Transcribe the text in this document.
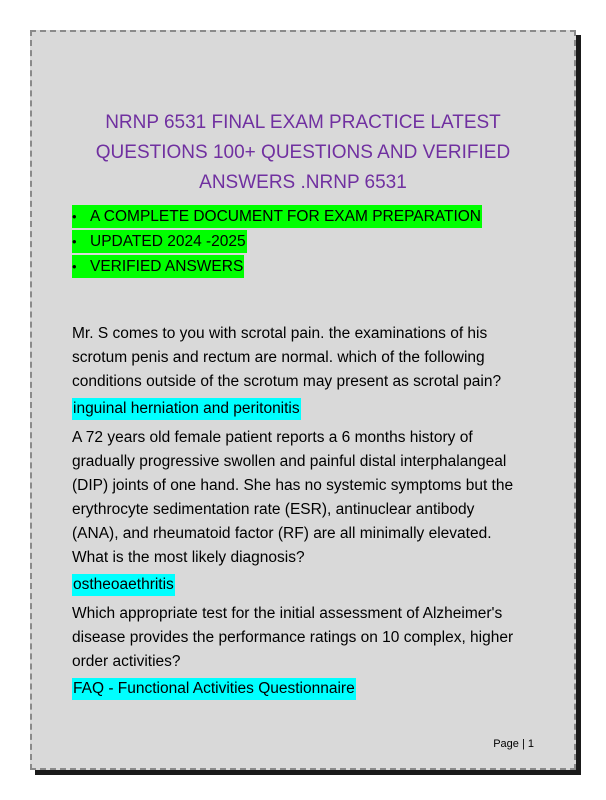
NRNP 6531 FINAL EXAM PRACTICE LATEST
QUESTIONS 100+ QUESTIONS AND VERIFIED
ANSWERS .NRNP 6531
• A COMPLETE DOCUMENT FOR EXAM PREPARATION
• UPDATED 2024 -2025
• VERIFIED ANSWERS
Mr. S comes to you with scrotal pain. the examinations of his
scrotum penis and rectum are normal. which of the following
conditions outside of the scrotum may present as scrotal pain?
inguinal herniation and peritonitis
A 72 years old female patient reports a 6 months history of
gradually progressive swollen and painful distal interphalangeal
(DIP) joints of one hand. She has no systemic symptoms but the
erythrocyte sedimentation rate (ESR), antinuclear antibody
(ANA), and rheumatoid factor (RF) are all minimally elevated.
What is the most likely diagnosis?
ostheoaethritis
Which appropriate test for the initial assessment of Alzheimer's
disease provides the performance ratings on 10 complex, higher
order activities?
FAQ - Functional Activities Questionnaire
Page | 1
